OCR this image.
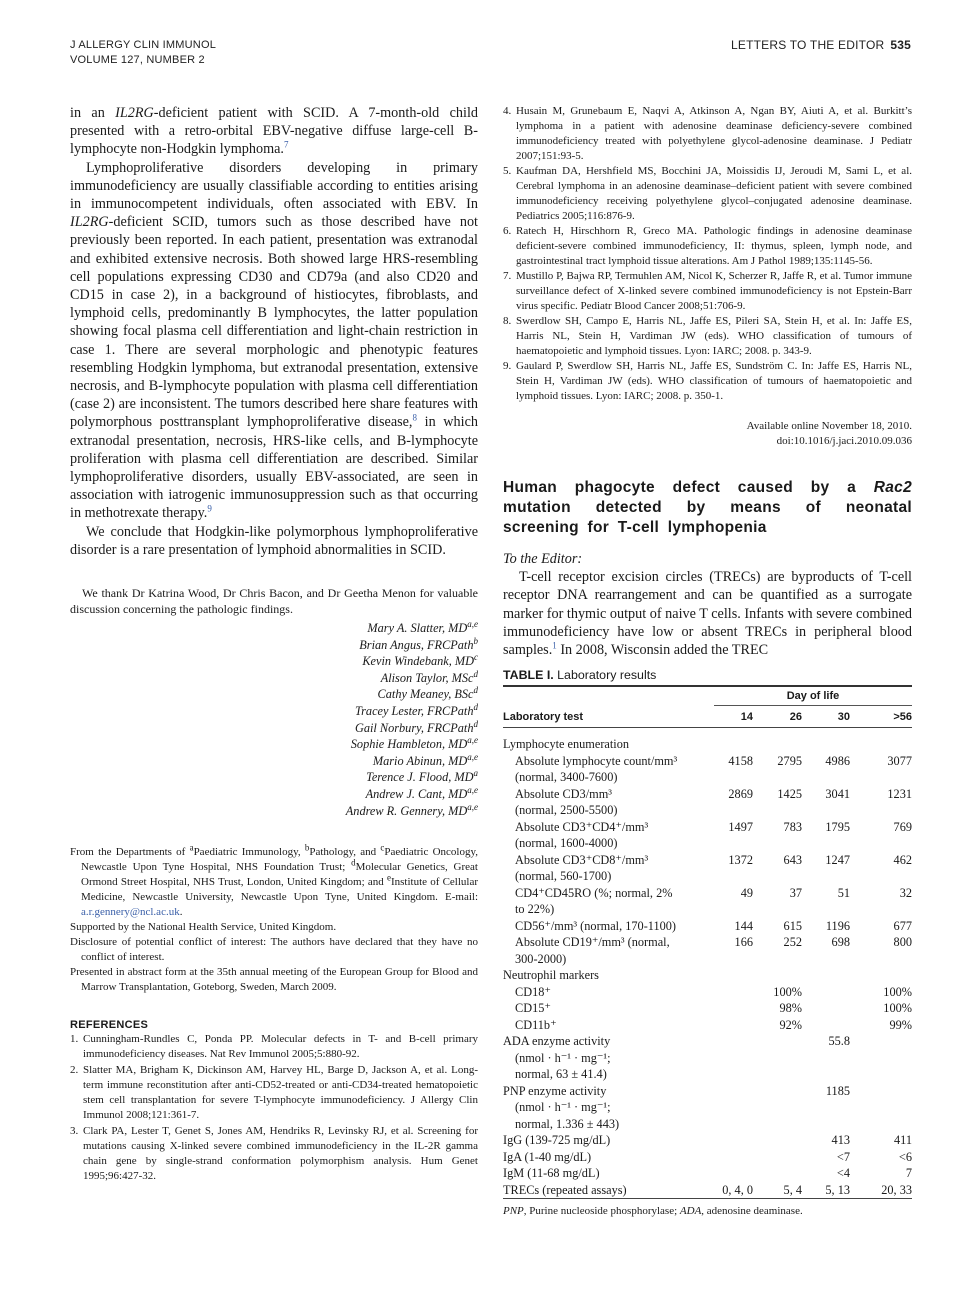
J ALLERGY CLIN IMMUNOL
VOLUME 127, NUMBER 2
LETTERS TO THE EDITOR 535

in an IL2RG-deficient patient with SCID. A 7-month-old child presented with a retro-orbital EBV-negative diffuse large-cell B-lymphocyte non-Hodgkin lymphoma.$^7$

Lymphoproliferative disorders developing in primary immunodeficiency are usually classifiable according to entities arising in immunocompetent individuals, often associated with EBV. In IL2RG-deficient SCID, tumors such as those described have not previously been reported. In each patient, presentation was extranodal and exhibited extensive necrosis. Both showed large HRS-resembling cell populations expressing CD30 and CD79a (and also CD20 and CD15 in case 2), in a background of histiocytes, fibroblasts, and lymphoid cells, predominantly B lymphocytes, the latter population showing focal plasma cell differentiation and light-chain restriction in case 1. There are several morphologic and phenotypic features resembling Hodgkin lymphoma, but extranodal presentation, extensive necrosis, and B-lymphocyte population with plasma cell differentiation (case 2) are inconsistent. The tumors described here share features with polymorphous posttransplant lymphoproliferative disease,$^8$ in which extranodal presentation, necrosis, HRS-like cells, and B-lymphocyte proliferation with plasma cell differentiation are described. Similar lymphoproliferative disorders, usually EBV-associated, are seen in association with iatrogenic immunosuppression such as that occurring in methotrexate therapy.$^9$

We conclude that Hodgkin-like polymorphous lymphoproliferative disorder is a rare presentation of lymphoid abnormalities in SCID.

We thank Dr Katrina Wood, Dr Chris Bacon, and Dr Geetha Menon for valuable discussion concerning the pathologic findings.

Mary A. Slatter, MD$^{a,e}$
Brian Angus, FRCPath$^b$
Kevin Windebank, $MD^c$
Alison Taylor, MSc$^d$
Cathy Meaney, BSc$^d$
Tracey Lester, FRCPath$^d$
Gail Norbury, FRCPath$^d$
Sophie Hambleton, MD$^{a,e}$
Mario Abinun, MD$^{a,e}$
Terence J. Flood, $MD^a$
Andrew J. Cant, MD$^{a,e}$
Andrew R. Gennery, MD$^{a,e}$

From the Departments of $^a$Paediatric Immunology, $^b$Pathology, and $^c$Paediatric Oncology, Newcastle Upon Tyne Hospital, NHS Foundation Trust; $^d$Molecular Genetics, Great Ormond Street Hospital, NHS Trust, London, United Kingdom; and $^e$Institute of Cellular Medicine, Newcastle University, Newcastle Upon Tyne, United Kingdom. E-mail: a.r.gennery@ncl.ac.uk.

Supported by the National Health Service, United Kingdom.

Disclosure of potential conflict of interest: The authors have declared that they have no conflict of interest.

Presented in abstract form at the 35th annual meeting of the European Group for Blood and Marrow Transplantation, Goteborg, Sweden, March 2009.

REFERENCES
1. Cunningham-Rundles C, Ponda PP. Molecular defects in T- and B-cell primary immunodeficiency diseases. Nat Rev Immunol 2005;5:880-92.
2. Slatter MA, Brigham K, Dickinson AM, Harvey HL, Barge D, Jackson A, et al. Long-term immune reconstitution after anti-CD52-treated or anti-CD34-treated hematopoietic stem cell transplantation for severe T-lymphocyte immunodeficiency. J Allergy Clin Immunol 2008;121:361-7.
3. Clark PA, Lester T, Genet S, Jones AM, Hendriks R, Levinsky RJ, et al. Screening for mutations causing X-linked severe combined immunodeficiency in the IL-2R gamma chain gene by single-strand conformation polymorphism analysis. Hum Genet 1995;96:427-32.
4. Husain M, Grunebaum E, Naqvi A, Atkinson A, Ngan BY, Aiuti A, et al. Burkitt’s lymphoma in a patient with adenosine deaminase deficiency-severe combined immunodeficiency treated with polyethylene glycol-adenosine deaminase. J Pediatr 2007;151:93-5.
5. Kaufman DA, Hershfield MS, Bocchini JA, Moissidis IJ, Jeroudi M, Sami L, et al. Cerebral lymphoma in an adenosine deaminase–deficient patient with severe combined immunodeficiency receiving polyethylene glycol–conjugated adenosine deaminase. Pediatrics 2005;116:876-9.
6. Ratech H, Hirschhorn R, Greco MA. Pathologic findings in adenosine deaminase deficient-severe combined immunodeficiency, II: thymus, spleen, lymph node, and gastrointestinal tract lymphoid tissue alterations. Am J Pathol 1989;135:1145-56.
7. Mustillo P, Bajwa RP, Termuhlen AM, Nicol K, Scherzer R, Jaffe R, et al. Tumor immune surveillance defect of X-linked severe combined immunodeficiency is not Epstein-Barr virus specific. Pediatr Blood Cancer 2008;51:706-9.
8. Swerdlow SH, Campo E, Harris NL, Jaffe ES, Pileri SA, Stein H, et al. In: Jaffe ES, Harris NL, Stein H, Vardiman JW (eds). WHO classification of tumours of haematopoietic and lymphoid tissues. Lyon: IARC; 2008. p. 343-9.
9. Gaulard P, Swerdlow SH, Harris NL, Jaffe ES, Sundström C. In: Jaffe ES, Harris NL, Stein H, Vardiman JW (eds). WHO classification of tumours of haematopoietic and lymphoid tissues. Lyon: IARC; 2008. p. 350-1.
Available online November 18, 2010.
doi:10.1016/j.jaci.2010.09.036
Human phagocyte defect caused by a Rac2 mutation detected by means of neonatal screening for T-cell lymphopenia
To the Editor:

T-cell receptor excision circles (TRECs) are byproducts of T-cell receptor DNA rearrangement and can be quantified as a surrogate marker for thymic output of naive T cells. Infants with severe combined immunodeficiency have low or absent TRECs in peripheral blood samples.$^1$ In 2008, Wisconsin added the TREC

TABLE I. Laboratory results

	Day of life			

Laboratory test	14	26	30	>56

Lymphocyte enumeration				

Absolute lymphocyte count/mm³
(normal, 3400-7600)	4158	2795	4986	3077

Absolute CD3/mm³
(normal, 2500-5500)	2869	1425	3041	1231

Absolute CD3⁺CD4⁺/mm³
(normal, 1600-4000)	1497	783	1795	769

Absolute CD3⁺CD8⁺/mm³
(normal, 560-1700)	1372	643	1247	462

CD4⁺CD45RO (%; normal, 2%
to 22%)	49	37	51	32

CD56⁺/mm³ (normal, 170-1100)	144	615	1196	677

Absolute CD19⁺/mm³ (normal,
300-2000)	166	252	698	800
Neutrophil markers				

CD18⁺		100%		100%

CD15⁺		98%		100%

CD11b⁺		92%		99%

ADA enzyme activity
(nmol · h⁻¹ · mg⁻¹;
normal, 63 ± 41.4)			55.8	

PNP enzyme activity
(nmol · h⁻¹ · mg⁻¹;
normal, 1.336 ± 443)			1185	
IgG (139-725 mg/dL)			413	411
IgA (1-40 mg/dL)			<7	<6
IgM (11-68 mg/dL)			<4	7
TRECs (repeated assays)	0, 4, 0	5, 4	5, 13	20, 33
PNP, Purine nucleoside phosphorylase; ADA, adenosine deaminase.
